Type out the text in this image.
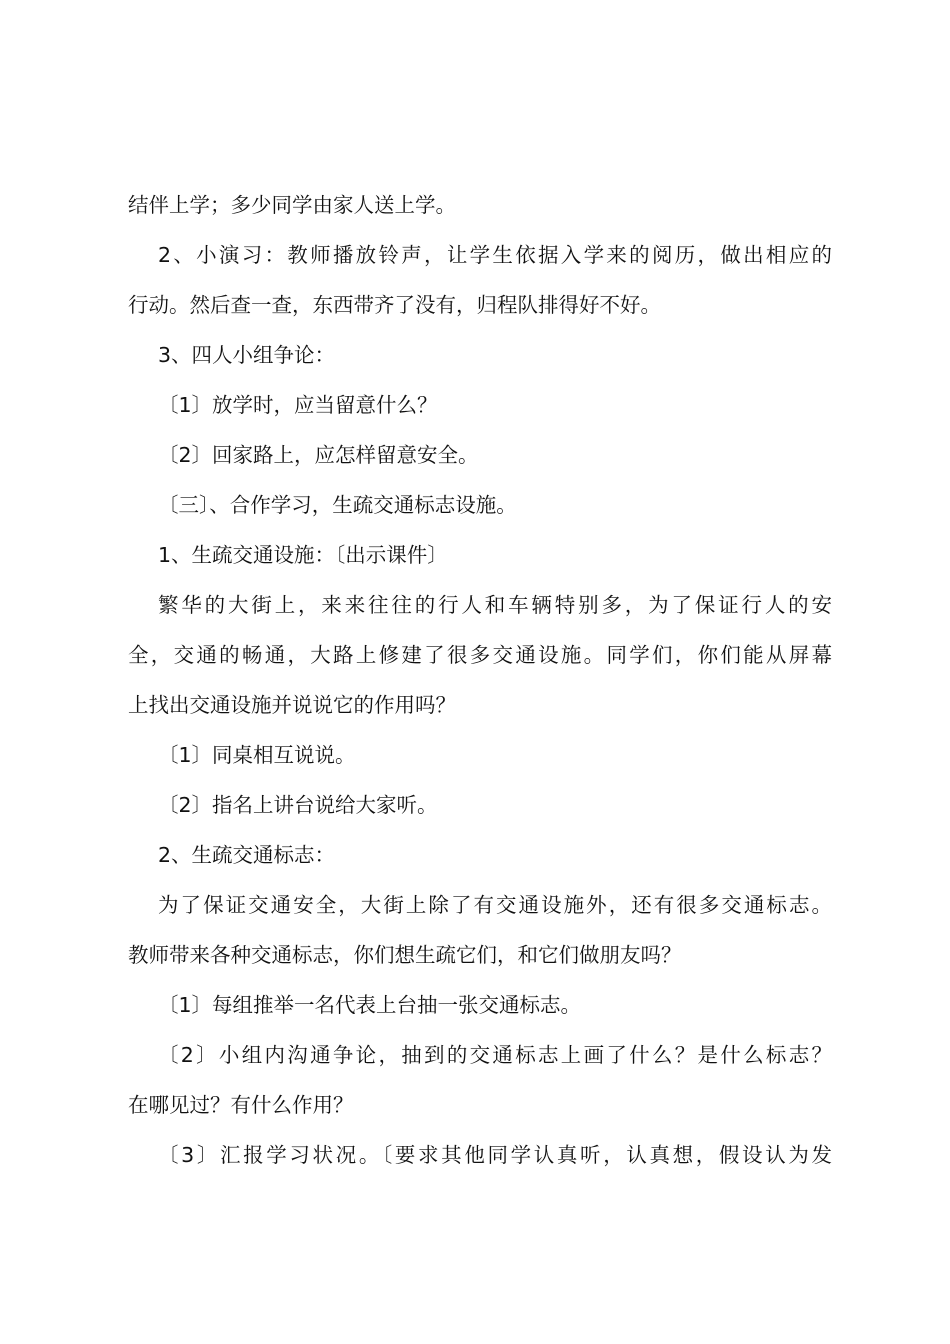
结伴上学；多少同学由家人送上学。
2、小演习：教师播放铃声，让学生依据入学来的阅历，做出相应的
行动。然后查一查，东西带齐了没有，归程队排得好不好。
3、四人小组争论：
〔1〕放学时，应当留意什么？
〔2〕回家路上，应怎样留意安全。
〔三〕、合作学习，生疏交通标志设施。
1、生疏交通设施：〔出示课件〕
繁华的大街上，来来往往的行人和车辆特别多，为了保证行人的安
全，交通的畅通，大路上修建了很多交通设施。同学们，你们能从屏幕
上找出交通设施并说说它的作用吗？
〔1〕同桌相互说说。
〔2〕指名上讲台说给大家听。
2、生疏交通标志：
为了保证交通安全，大街上除了有交通设施外，还有很多交通标志。
教师带来各种交通标志，你们想生疏它们，和它们做朋友吗？
〔1〕每组推举一名代表上台抽一张交通标志。
〔2〕小组内沟通争论，抽到的交通标志上画了什么？是什么标志？
在哪见过？有什么作用？
〔3〕汇报学习状况。〔要求其他同学认真听，认真想，假设认为发
